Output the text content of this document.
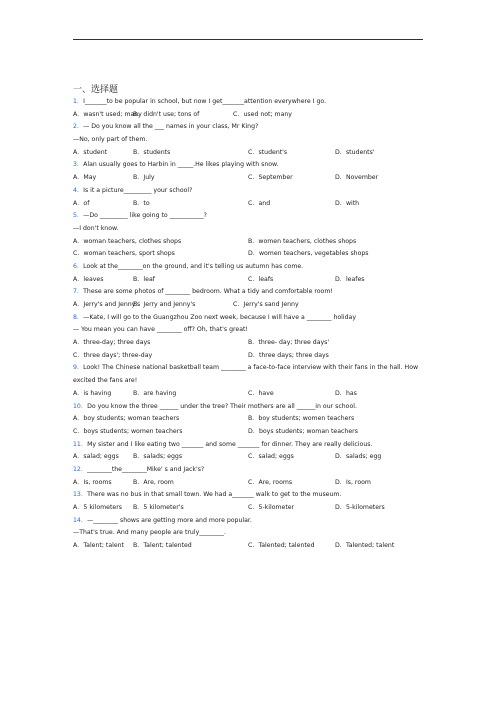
一、选择题
1．I_______to be popular in school, but now I get_______attention everywhere I go.
A．wasn't used; many
B．didn't use; tons of	C．used not; many
2．— Do you know all the ___ names in your class, Mr King?
—No, only part of them.
A．student	B．students	C．student's	D．students'
3．Alan usually goes to Harbin in _____.He likes playing with snow.
A．May	B．July	C．September	D．November
4．Is it a picture_________ your school?
A．of	B．to	C．and	D．with
5．—Do _________ like going to ___________?
—I don't know.
A．woman teachers, clothes shops	B．women teachers, clothes shops
C．woman teachers, sport shops	D．women teachers, vegetables shops
6．Look at the________on the ground, and it's telling us autumn has come.
A．leaves	B．leaf	C．leafs	D．leafes
7．These are some photos of ________ bedroom. What a tidy and comfortable room!
A．Jerry's and Jenny's
B．Jerry and Jenny's	C．Jerry's sand Jenny
8．—Kate, I will go to the Guangzhou Zoo next week, because I will have a ________ holiday
— You mean you can have ________ off? Oh, that's great!
A．three-day; three days	B．three- day; three days'
C．three days'; three-day	D．three days; three days
9．Look! The Chinese national basketball team ________ a face-to-face interview with their fans in the hall. How excited the fans are!
A．is having	B．are having	C．have	D．has
10．Do you know the three ______ under the tree? Their mothers are all ______in our school.
A．boy students; woman teachers	B．boy students; women teachers
C．boys students; women teachers	D．boys students; woman teachers
11．My sister and I like eating two _______ and some _______ for dinner. They are really delicious.
A．salad; eggs B．salads; eggs	C．salad; eggs	D．salads; egg
12．________the________Mike' s and Jack's?
A．Is, rooms	B．Are, room	C．Are, rooms	D．Is, room
13．There was no bus in that small town. We had a_______ walk to get to the museum.
A．5 kilometers B．5 kilometer's	C．5-kilometer	D．5-kilometers
14．—________ shows are getting more and more popular.
—That's true. And many people are truly________.
A．Talent; talent B．Talent; talented	C．Talented; talented	D．Talented; talent
